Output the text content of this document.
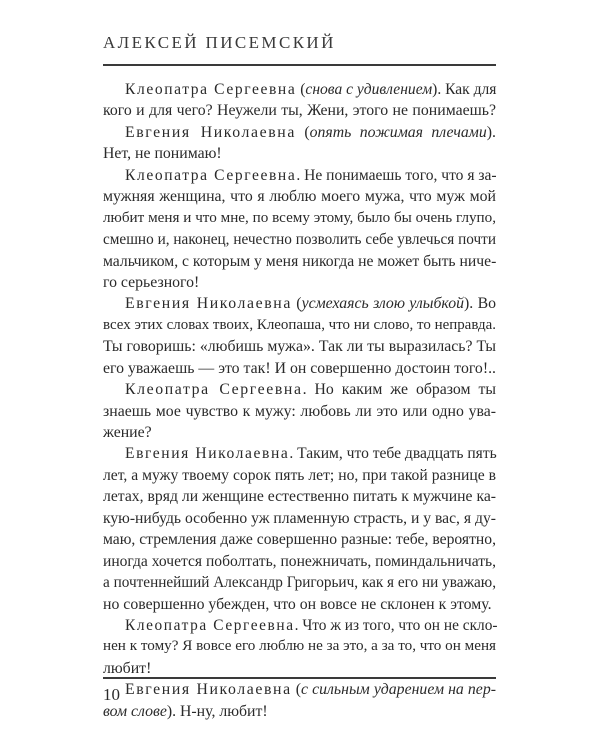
АЛЕКСЕЙ ПИСЕМСКИЙ
Клеопатра Сергеевна (снова с удивлением). Как для
кого и для чего? Неужели ты, Жени, этого не понимаешь?
Евгения Николаевна (опять пожимая плечами).
Нет, не понимаю!
Клеопатра Сергеевна. Не понимаешь того, что я за-
мужняя женщина, что я люблю моего мужа, что муж мой
любит меня и что мне, по всему этому, было бы очень глупо,
смешно и, наконец, нечестно позволить себе увлечься почти
мальчиком, с которым у меня никогда не может быть ниче-
го серьезного!
Евгения Николаевна (усмехаясь злою улыбкой). Во
всех этих словах твоих, Клеопаша, что ни слово, то неправда.
Ты говоришь: «любишь мужа». Так ли ты выразилась? Ты
его уважаешь — это так! И он совершенно достоин того!..
Клеопатра Сергеевна. Но каким же образом ты
знаешь мое чувство к мужу: любовь ли это или одно ува-
жение?
Евгения Николаевна. Таким, что тебе двадцать пять
лет, а мужу твоему сорок пять лет; но, при такой разнице в
летах, вряд ли женщине естественно питать к мужчине ка-
кую-нибудь особенно уж пламенную страсть, и у вас, я ду-
маю, стремления даже совершенно разные: тебе, вероятно,
иногда хочется поболтать, понежничать, поминдальничать,
а почтеннейший Александр Григорьич, как я его ни уважаю,
но совершенно убежден, что он вовсе не склонен к этому.
Клеопатра Сергеевна. Что ж из того, что он не скло-
нен к тому? Я вовсе его люблю не за это, а за то, что он меня
любит!
Евгения Николаевна (с сильным ударением на пер-
вом слове). Н-ну, любит!
10
